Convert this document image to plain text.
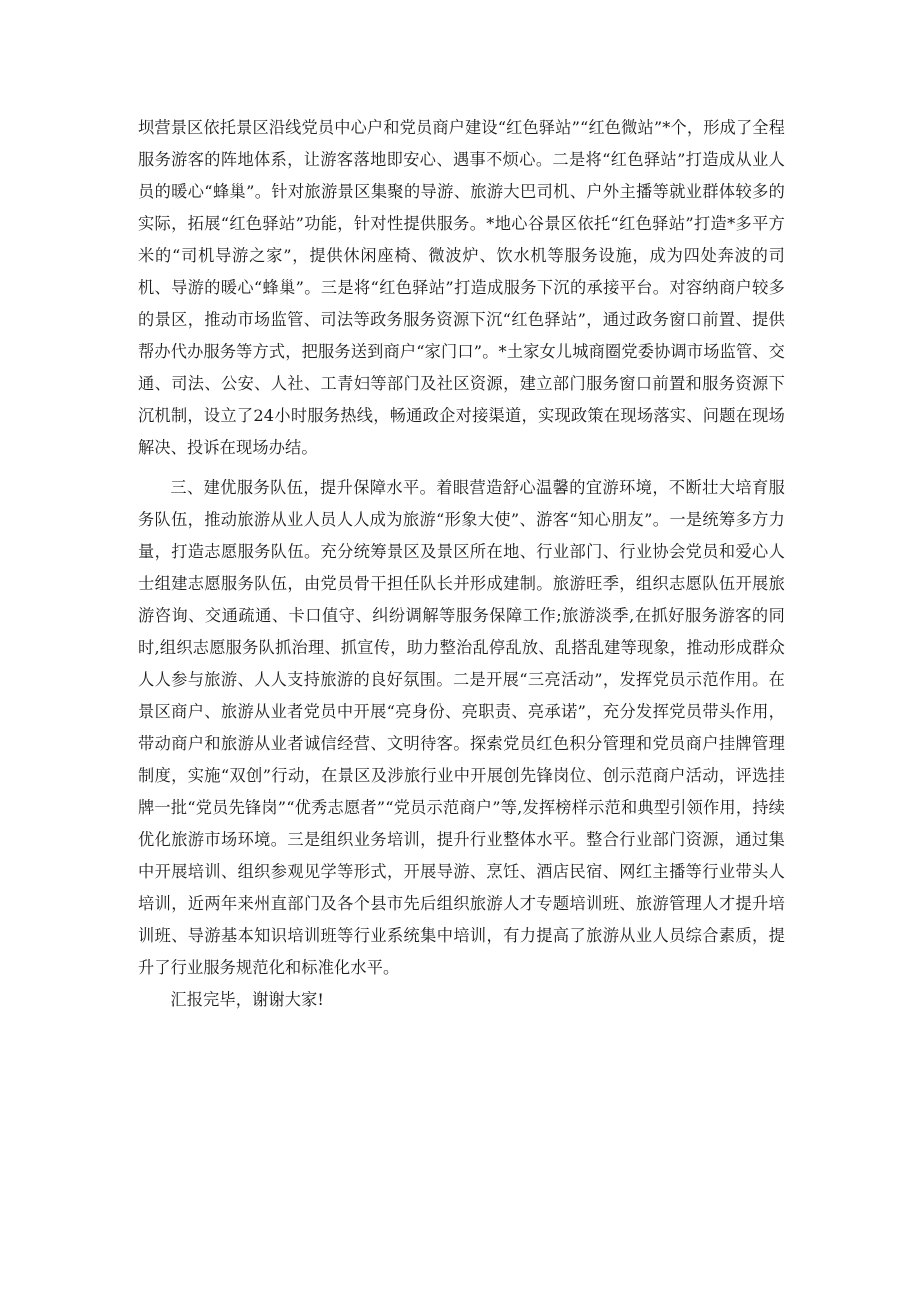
坝营景区依托景区沿线党员中心户和党员商户建设“红色驿站”“红色微站”*个，形成了全程服务游客的阵地体系，让游客落地即安心、遇事不烦心。二是将“红色驿站”打造成从业人员的暖心“蜂巢”。针对旅游景区集聚的导游、旅游大巴司机、户外主播等就业群体较多的实际，拓展“红色驿站”功能，针对性提供服务。*地心谷景区依托“红色驿站”打造*多平方米的“司机导游之家”，提供休闲座椅、微波炉、饮水机等服务设施，成为四处奔波的司机、导游的暖心“蜂巢”。三是将“红色驿站”打造成服务下沉的承接平台。对容纳商户较多的景区，推动市场监管、司法等政务服务资源下沉“红色驿站”，通过政务窗口前置、提供帮办代办服务等方式，把服务送到商户“家门口”。*土家女儿城商圈党委协调市场监管、交通、司法、公安、人社、工青妇等部门及社区资源，建立部门服务窗口前置和服务资源下沉机制，设立了24小时服务热线，畅通政企对接渠道，实现政策在现场落实、问题在现场解决、投诉在现场办结。

三、建优服务队伍，提升保障水平。着眼营造舒心温馨的宜游环境，不断壮大培育服务队伍，推动旅游从业人员人人成为旅游“形象大使”、游客“知心朋友”。一是统筹多方力量，打造志愿服务队伍。充分统筹景区及景区所在地、行业部门、行业协会党员和爱心人士组建志愿服务队伍，由党员骨干担任队长并形成建制。旅游旺季，组织志愿队伍开展旅游咨询、交通疏通、卡口值守、纠纷调解等服务保障工作;旅游淡季,在抓好服务游客的同时,组织志愿服务队抓治理、抓宣传，助力整治乱停乱放、乱搭乱建等现象，推动形成群众人人参与旅游、人人支持旅游的良好氛围。二是开展“三亮活动”，发挥党员示范作用。在景区商户、旅游从业者党员中开展“亮身份、亮职责、亮承诺”，充分发挥党员带头作用，带动商户和旅游从业者诚信经营、文明待客。探索党员红色积分管理和党员商户挂牌管理制度，实施“双创”行动，在景区及涉旅行业中开展创先锋岗位、创示范商户活动，评选挂牌一批“党员先锋岗”“优秀志愿者”“党员示范商户”等,发挥榜样示范和典型引领作用，持续优化旅游市场环境。三是组织业务培训，提升行业整体水平。整合行业部门资源，通过集中开展培训、组织参观见学等形式，开展导游、烹饪、酒店民宿、网红主播等行业带头人培训，近两年来州直部门及各个县市先后组织旅游人才专题培训班、旅游管理人才提升培训班、导游基本知识培训班等行业系统集中培训，有力提高了旅游从业人员综合素质，提升了行业服务规范化和标准化水平。

汇报完毕，谢谢大家!
